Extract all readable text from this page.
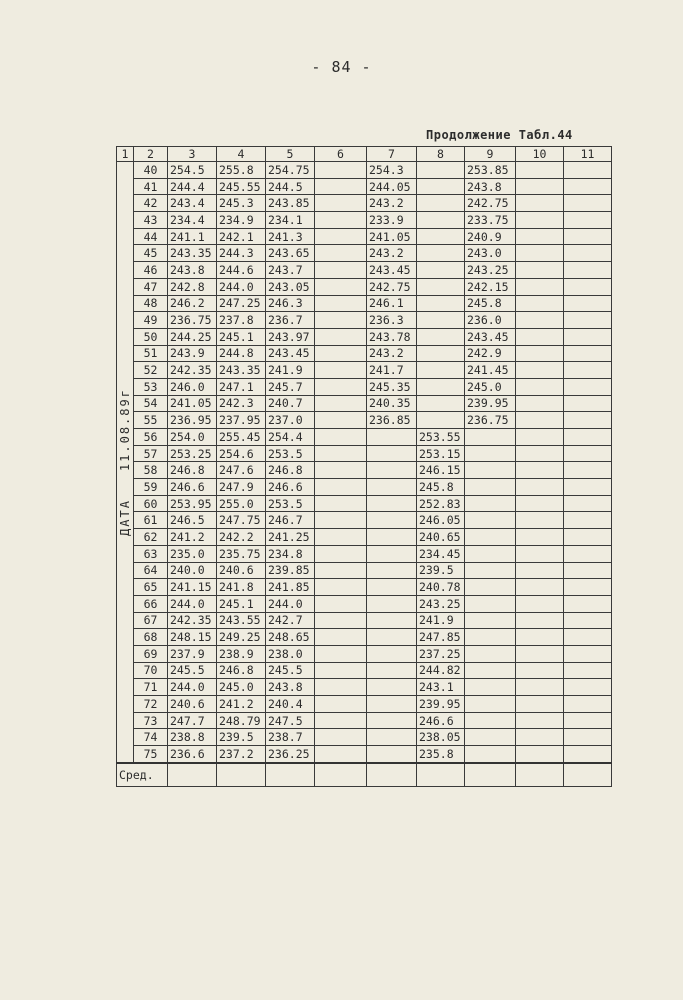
- 84 -
Продолжение Табл.44
1	2	3	4	5	6	7	8	9	10	11

ДАТА11.08.89г	40	254.5	255.8	254.75		254.3		253.85		
	41	244.4	245.55	244.5		244.05		243.8		
	42	243.4	245.3	243.85		243.2		242.75		
	43	234.4	234.9	234.1		233.9		233.75		
	44	241.1	242.1	241.3		241.05		240.9		
	45	243.35	244.3	243.65		243.2		243.0		
	46	243.8	244.6	243.7		243.45		243.25		
	47	242.8	244.0	243.05		242.75		242.15		
	48	246.2	247.25	246.3		246.1		245.8		
	49	236.75	237.8	236.7		236.3		236.0		
	50	244.25	245.1	243.97		243.78		243.45		
	51	243.9	244.8	243.45		243.2		242.9		
	52	242.35	243.35	241.9		241.7		241.45		
	53	246.0	247.1	245.7		245.35		245.0		
	54	241.05	242.3	240.7		240.35		239.95		
	55	236.95	237.95	237.0		236.85		236.75		
	56	254.0	255.45	254.4			253.55			
	57	253.25	254.6	253.5			253.15			
	58	246.8	247.6	246.8			246.15			
	59	246.6	247.9	246.6			245.8			
	60	253.95	255.0	253.5			252.83			
	61	246.5	247.75	246.7			246.05			
	62	241.2	242.2	241.25			240.65			
	63	235.0	235.75	234.8			234.45			
	64	240.0	240.6	239.85			239.5			
	65	241.15	241.8	241.85			240.78			
	66	244.0	245.1	244.0			243.25			
	67	242.35	243.55	242.7			241.9			
	68	248.15	249.25	248.65			247.85			
	69	237.9	238.9	238.0			237.25			
	70	245.5	246.8	245.5			244.82			
	71	244.0	245.0	243.8			243.1			
	72	240.6	241.2	240.4			239.95			
	73	247.7	248.79	247.5			246.6			
	74	238.8	239.5	238.7			238.05			
	75	236.6	237.2	236.25			235.8			
Сред.										
